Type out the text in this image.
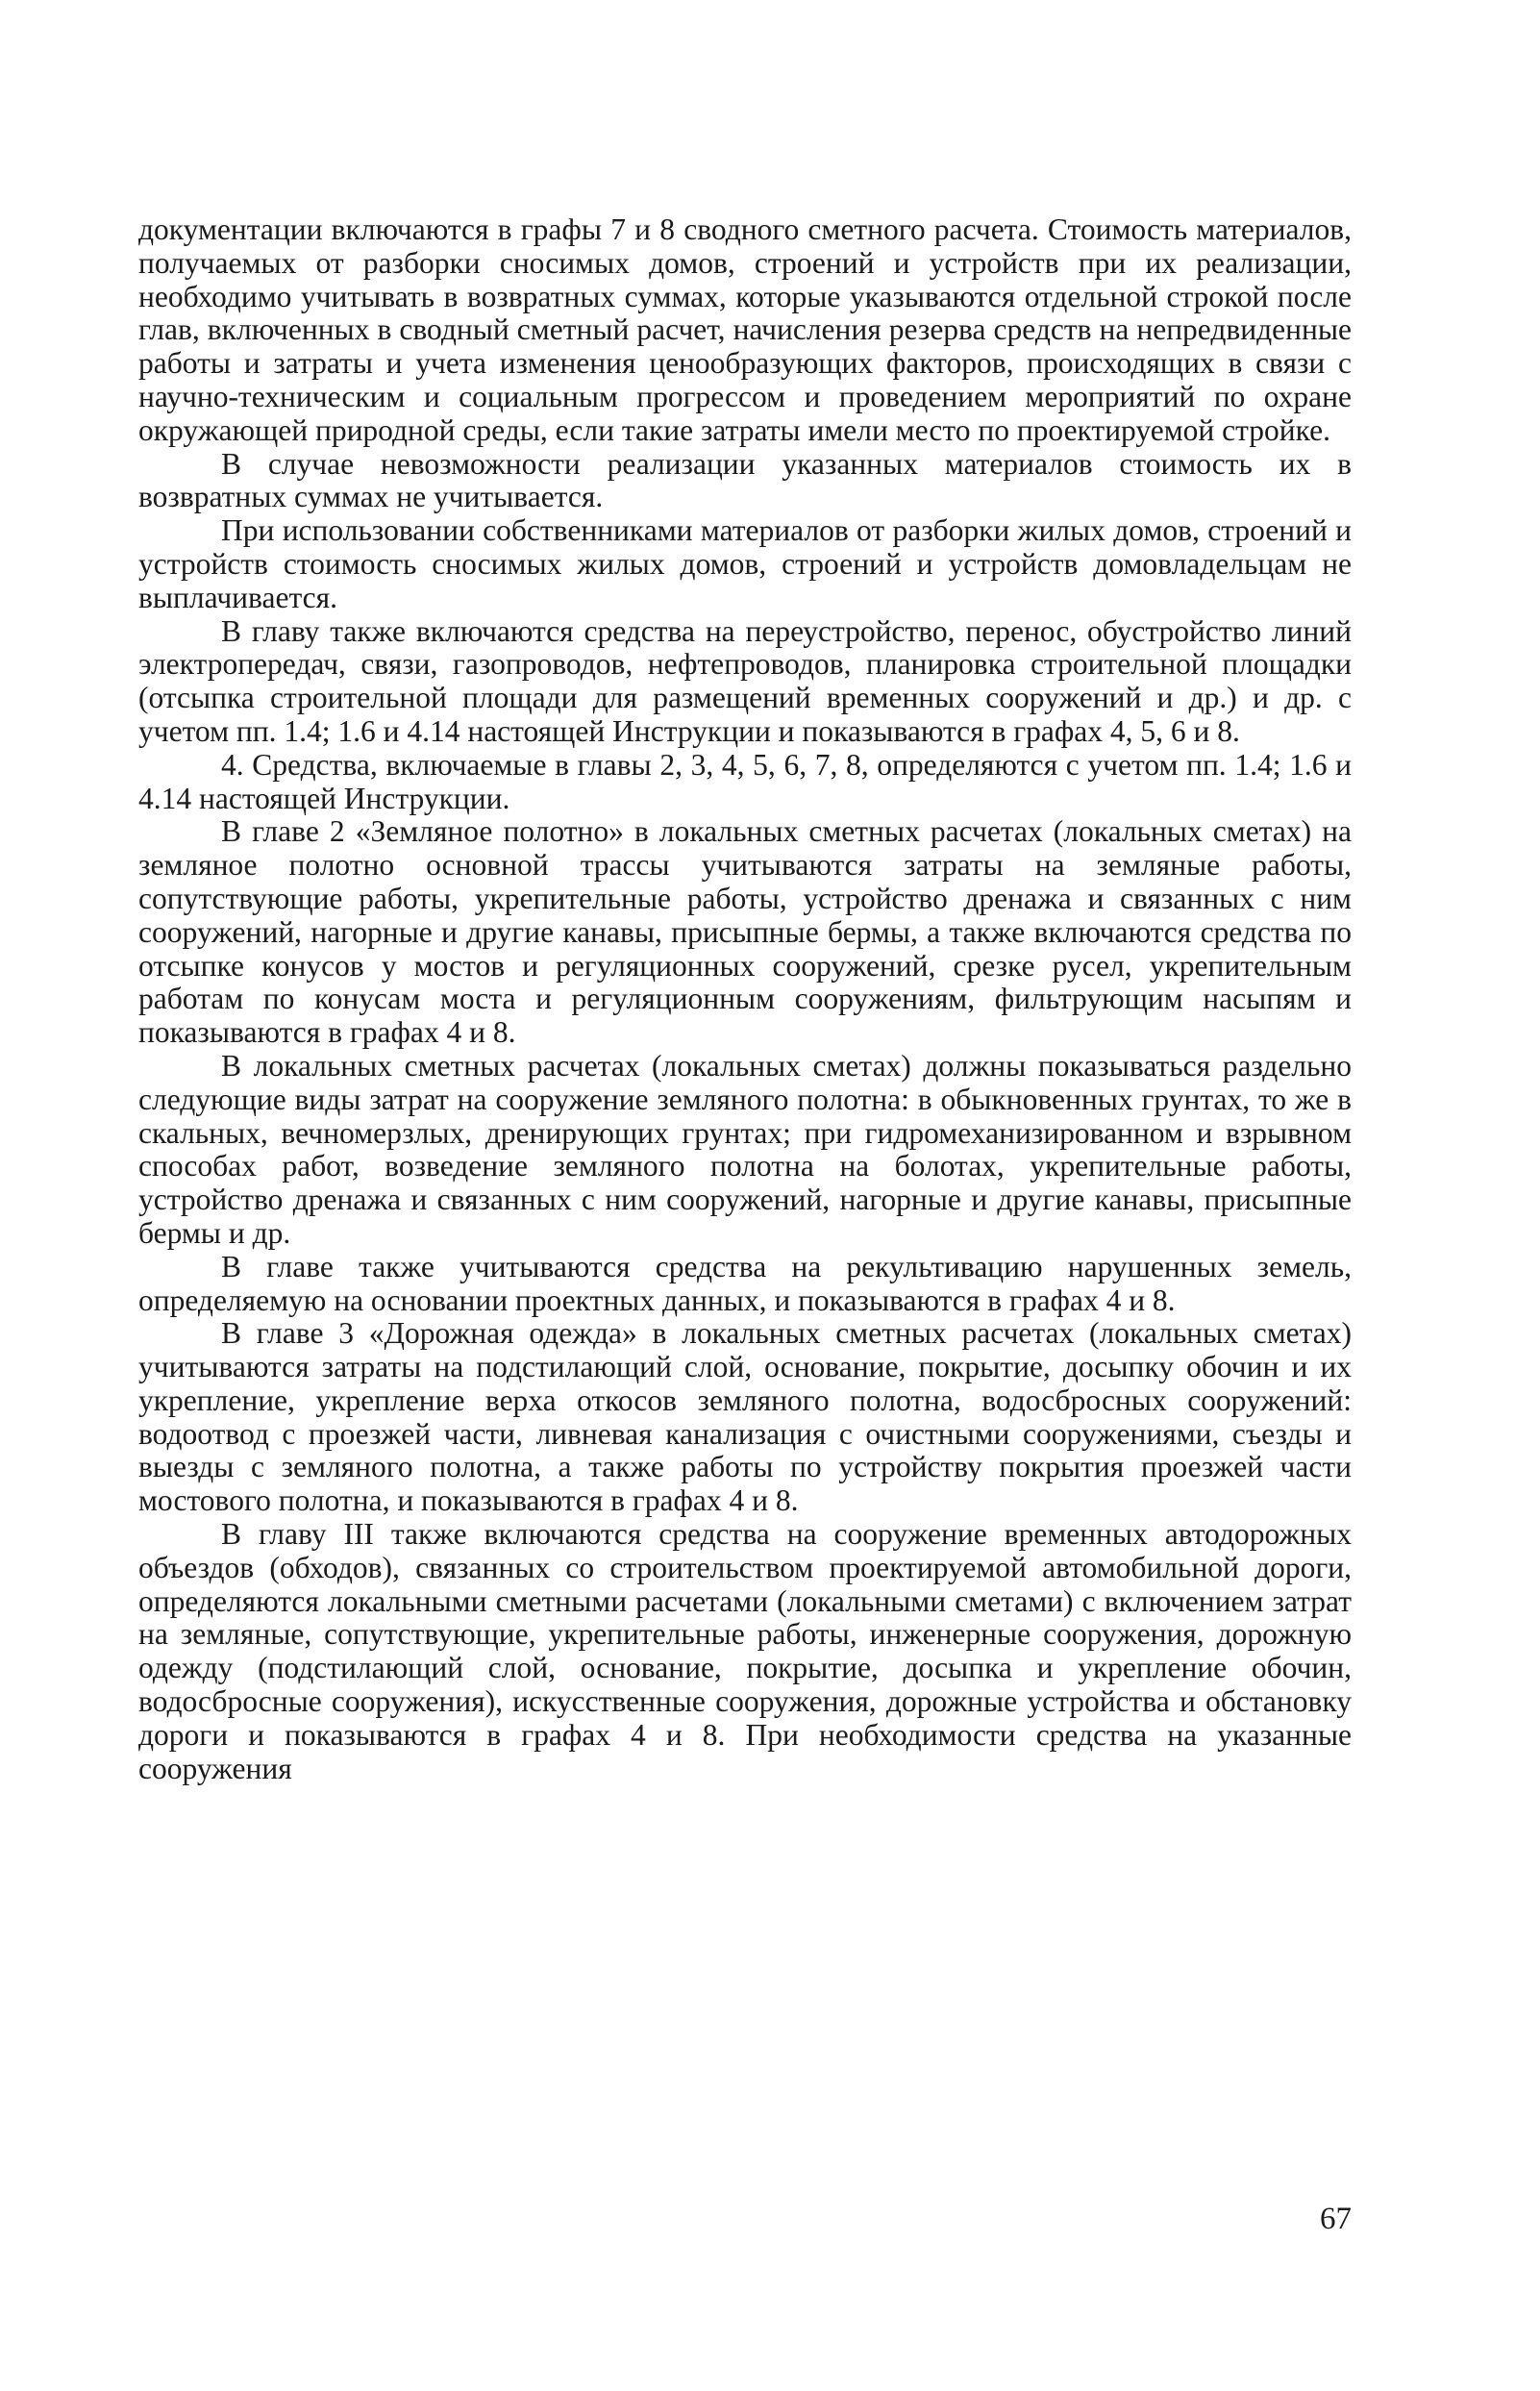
документации включаются в графы 7 и 8 сводного сметного расчета. Стоимость материалов, получаемых от разборки сносимых домов, строений и устройств при их реализации, необходимо учитывать в возвратных суммах, которые указываются отдельной строкой после глав, включенных в сводный сметный расчет, начисления резерва средств на непредвиденные работы и затраты и учета изменения ценообразующих факторов, происходящих в связи с научно-техническим и социальным прогрессом и проведением мероприятий по охране окружающей природной среды, если такие затраты имели место по проектируемой стройке.

В случае невозможности реализации указанных материалов стоимость их в возвратных суммах не учитывается.

При использовании собственниками материалов от разборки жилых домов, строений и устройств стоимость сносимых жилых домов, строений и устройств домовладельцам не выплачивается.

В главу также включаются средства на переустройство, перенос, обустройство линий электропередач, связи, газопроводов, нефтепроводов, планировка строительной площадки (отсыпка строительной площади для размещений временных сооружений и др.) и др. с учетом пп. 1.4; 1.6 и 4.14 настоящей Инструкции и показываются в графах 4, 5, 6 и 8.

4. Средства, включаемые в главы 2, 3, 4, 5, 6, 7, 8, определяются с учетом пп. 1.4; 1.6 и 4.14 настоящей Инструкции.

В главе 2 «Земляное полотно» в локальных сметных расчетах (локальных сметах) на земляное полотно основной трассы учитываются затраты на земляные работы, сопутствующие работы, укрепительные работы, устройство дренажа и связанных с ним сооружений, нагорные и другие канавы, присыпные бермы, а также включаются средства по отсыпке конусов у мостов и регуляционных сооружений, срезке русел, укрепительным работам по конусам моста и регуляционным сооружениям, фильтрующим насыпям и показываются в графах 4 и 8.

В локальных сметных расчетах (локальных сметах) должны показываться раздельно следующие виды затрат на сооружение земляного полотна: в обыкновенных грунтах, то же в скальных, вечномерзлых, дренирующих грунтах; при гидромеханизированном и взрывном способах работ, возведение земляного полотна на болотах, укрепительные работы, устройство дренажа и связанных с ним сооружений, нагорные и другие канавы, присыпные бермы и др.

В главе также учитываются средства на рекультивацию нарушенных земель, определяемую на основании проектных данных, и показываются в графах 4 и 8.

В главе 3 «Дорожная одежда» в локальных сметных расчетах (локальных сметах) учитываются затраты на подстилающий слой, основание, покрытие, досыпку обочин и их укрепление, укрепление верха откосов земляного полотна, водосбросных сооружений: водоотвод с проезжей части, ливневая канализация с очистными сооружениями, съезды и выезды с земляного полотна, а также работы по устройству покрытия проезжей части мостового полотна, и показываются в графах 4 и 8.

В главу III также включаются средства на сооружение временных автодорожных объездов (обходов), связанных со строительством проектируемой автомобильной дороги, определяются локальными сметными расчетами (локальными сметами) с включением затрат на земляные, сопутствующие, укрепительные работы, инженерные сооружения, дорожную одежду (подстилающий слой, основание, покрытие, досыпка и укрепление обочин, водосбросные сооружения), искусственные сооружения, дорожные устройства и обстановку дороги и показываются в графах 4 и 8. При необходимости средства на указанные сооружения

67
